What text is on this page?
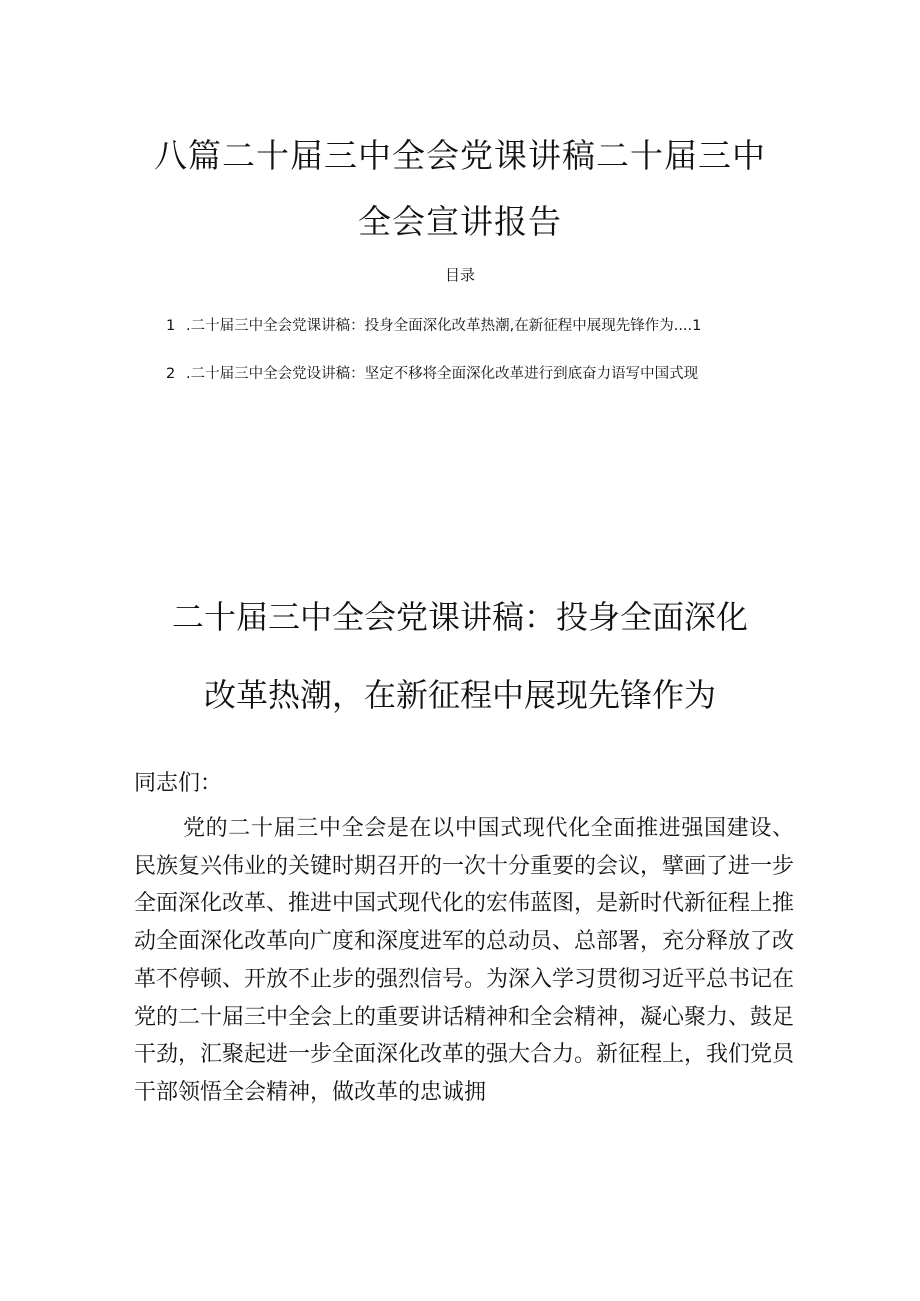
八篇二十届三中全会党课讲稿二十届三中
全会宣讲报告
目录
1 .二十届三中全会党课讲稿：投身全面深化改革热潮,在新征程中展现先锋作为....1
2 .二十届三中全会党设讲稿：坚定不移将全面深化改革进行到底奋力语写中国式现
二十届三中全会党课讲稿：投身全面深化
改革热潮，在新征程中展现先锋作为

同志们：

党的二十届三中全会是在以中国式现代化全面推进强国建设、民族复兴伟业的关键时期召开的一次十分重要的会议，擘画了进一步全面深化改革、推进中国式现代化的宏伟蓝图，是新时代新征程上推动全面深化改革向广度和深度进军的总动员、总部署，充分释放了改革不停顿、开放不止步的强烈信号。为深入学习贯彻习近平总书记在党的二十届三中全会上的重要讲话精神和全会精神，凝心聚力、鼓足干劲，汇聚起进一步全面深化改革的强大合力。新征程上，我们党员干部领悟全会精神，做改革的忠诚拥
